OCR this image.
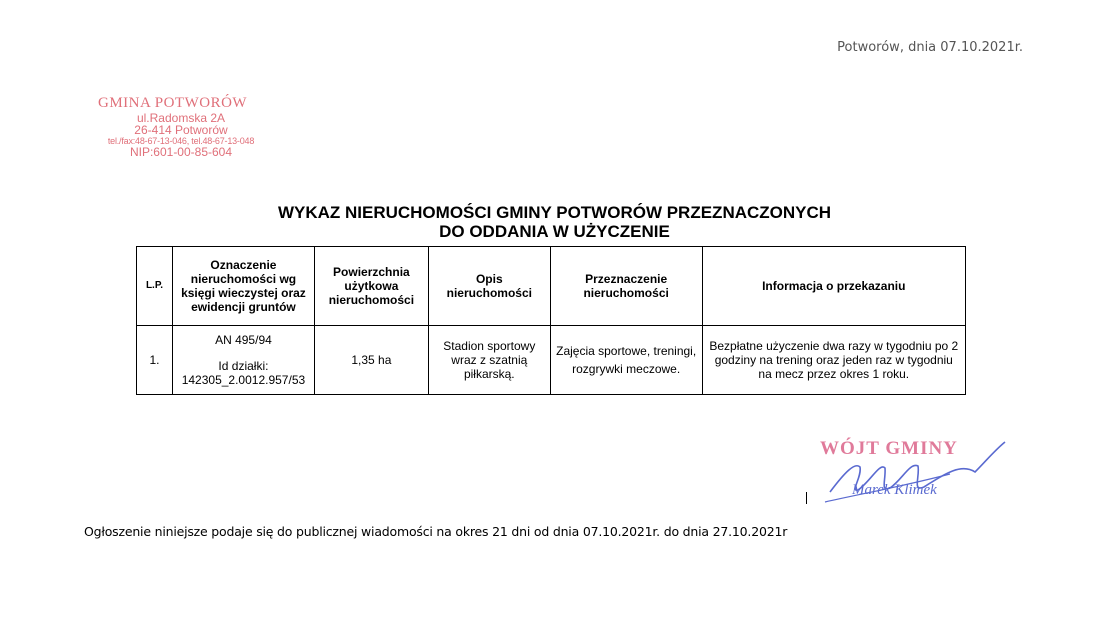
Potworów, dnia 07.10.2021r.
GMINA POTWORÓW
ul.Radomska 2A
26-414 Potworów
tel./fax:48-67-13-046, tel.48-67-13-048
NIP:601-00-85-604
WYKAZ NIERUCHOMOŚCI GMINY POTWORÓW PRZEZNACZONYCH
DO ODDANIA W UŻYCZENIE
L.P.	Oznaczenie nieruchomości wg księgi wieczystej oraz ewidencji gruntów	Powierzchnia użytkowa nieruchomości	Opis nieruchomości	Przeznaczenie nieruchomości	Informacja o przekazaniu
1.	AN 495/94
Id działki:
142305_2.0012.957/53	1,35 ha	Stadion sportowy wraz z szatnią piłkarską.	Zajęcia sportowe, treningi, rozgrywki meczowe.	Bezpłatne użyczenie dwa razy w tygodniu po 2 godziny na trening oraz jeden raz w tygodniu na mecz przez okres 1 roku.
WÓJT GMINY
Marek Klimek
Ogłoszenie niniejsze podaje się do publicznej wiadomości na okres 21 dni od dnia 07.10.2021r. do dnia 27.10.2021r
